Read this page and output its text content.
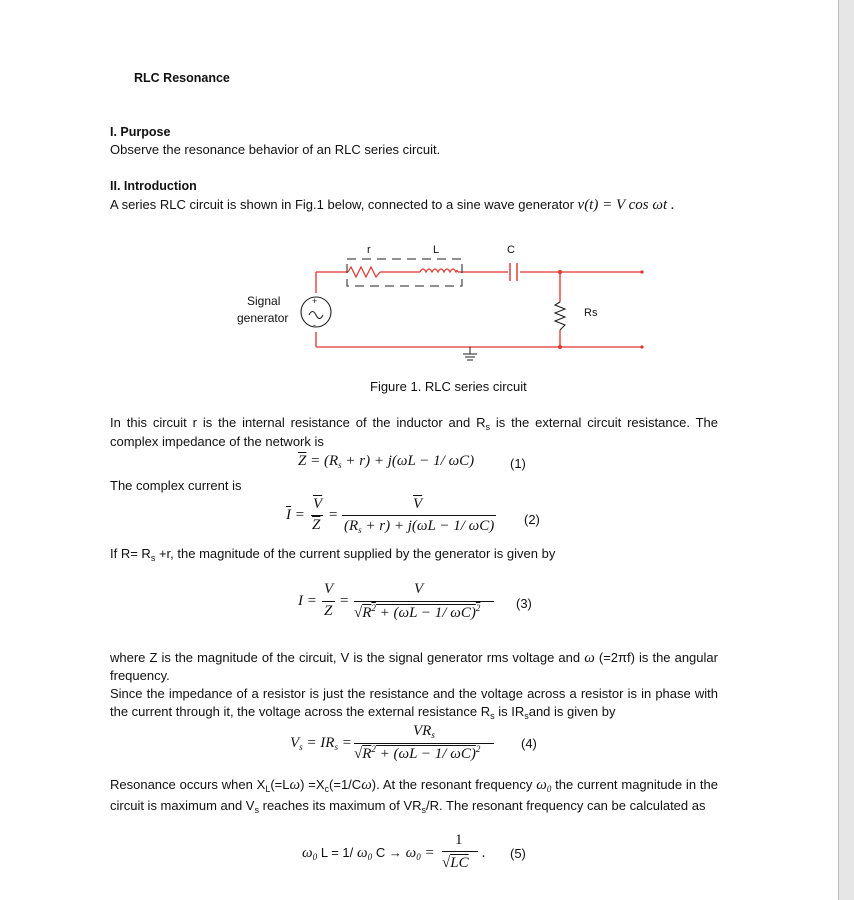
RLC Resonance
I. Purpose
Observe the resonance behavior of an RLC series circuit.
II. Introduction
A series RLC circuit is shown in Fig.1 below, connected to a sine wave generator v(t) = V cos ωt .
+
-
r	L	C
Rs
Signal
generator
Figure 1. RLC series circuit
In this circuit r is the internal resistance of the inductor and $R_s$ is the external circuit resistance. The complex impedance of the network is
$\overline{Z} = (R_s + r) + j(\omega L - 1/$ ωC)	(1)
The complex current is
$\overline{I}$ =
$\overline{V}$
$\overline{Z}$
=
$\overline{V}$
$(R_s + r) + j(\omega L - 1/$ ωC) (2)
If $R= R_s +r$, the magnitude of the current supplied by the generator is given by
I =
V
Z
=
V
$√R^2 + (\omega L - 1/$ ωC)$^2$	(3)
where Z is the magnitude of the circuit, V is the signal generator rms voltage and ω (=2πf) is the angular frequency.
Since the impedance of a resistor is just the resistance and the voltage across a resistor is in phase with the current through it, the voltage across the external resistance $R_s$ is $IR_sand$ is given by
$V_s = IR_s$ =
$VR_s$
$√R^2 + (\omega L - 1/$ ωC)$^2$	(4)
Resonance occurs when $X_L(=L\omega) =X_c(=1/C\omega)$. At the resonant frequency $\omega_0$ the current magnitude in the circuit is maximum and $V_s$ reaches its maximum of $VR_s/R$. The resonant frequency can be calculated as
$\omega_0$ L = 1/ $\omega_0$ $C \to \omega_0$ =
1
√LC
. (5)
